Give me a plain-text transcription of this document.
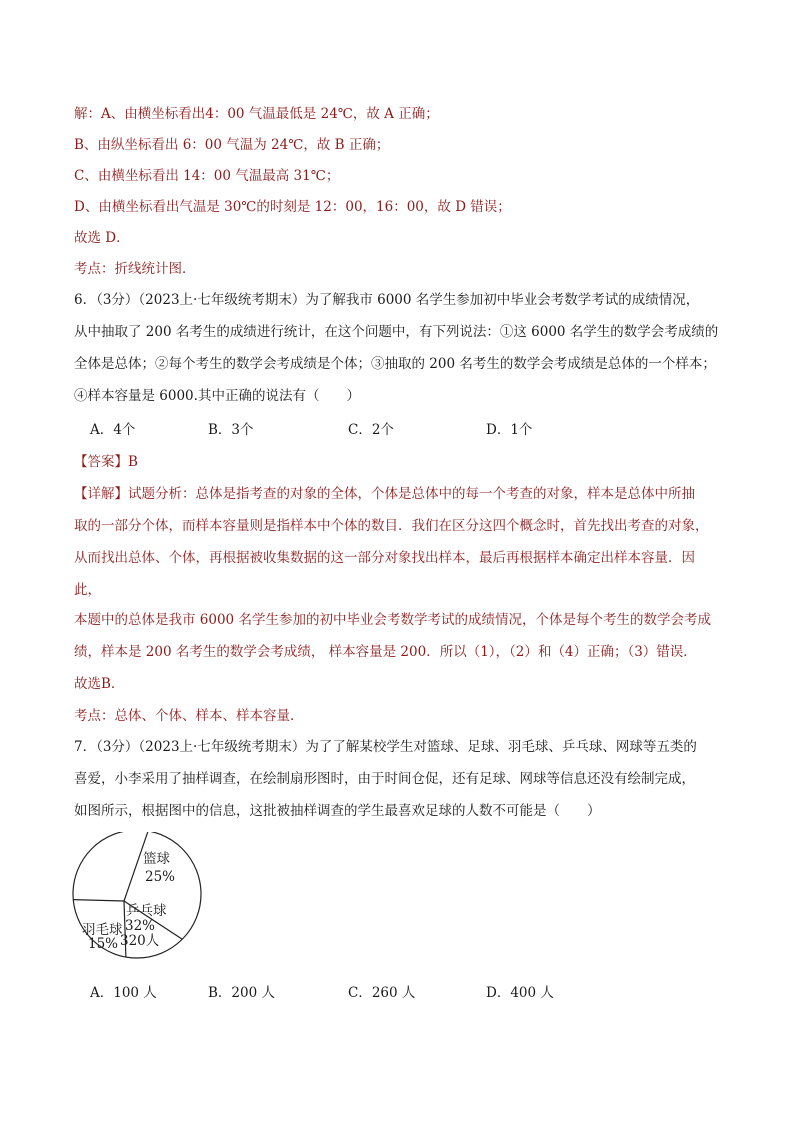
解：A、由横坐标看出4：00 气温最低是 24℃，故 A 正确；
B、由纵坐标看出 6：00 气温为 24℃，故 B 正确；
C、由横坐标看出 14：00 气温最高 31℃；
D、由横坐标看出气温是 30℃的时刻是 12：00，16：00，故 D 错误；
故选 D．
考点：折线统计图．
6．（3分）（2023上·七年级统考期末）为了解我市 6000 名学生参加初中毕业会考数学考试的成绩情况，
从中抽取了 200 名考生的成绩进行统计，在这个问题中，有下列说法：①这 6000 名学生的数学会考成绩的
全体是总体；②每个考生的数学会考成绩是个体；③抽取的 200 名考生的数学会考成绩是总体的一个样本；
④样本容量是 6000.其中正确的说法有（　　）
A．4个	B．3个	C．2个	D．1个
【答案】B
【详解】试题分析：总体是指考查的对象的全体，个体是总体中的每一个考查的对象，样本是总体中所抽
取的一部分个体，而样本容量则是指样本中个体的数目．我们在区分这四个概念时，首先找出考查的对象，
从而找出总体、个体，再根据被收集数据的这一部分对象找出样本，最后再根据样本确定出样本容量．因
此，
本题中的总体是我市 6000 名学生参加的初中毕业会考数学考试的成绩情况，个体是每个考生的数学会考成
绩，样本是 200 名考生的数学会考成绩， 样本容量是 200．所以（1），（2）和（4）正确；（3）错误．
故选B．
考点：总体、个体、样本、样本容量．
7．（3分）（2023上·七年级统考期末）为了了解某校学生对篮球、足球、羽毛球、乒乓球、网球等五类的
喜爱，小李采用了抽样调查，在绘制扇形图时，由于时间仓促，还有足球、网球等信息还没有绘制完成，
如图所示，根据图中的信息，这批被抽样调查的学生最喜欢足球的人数不可能是（　　）
篮球
25%
乒乓球
32%
320人
羽毛球
15%
A．100 人	B．200 人	C．260 人	D．400 人
